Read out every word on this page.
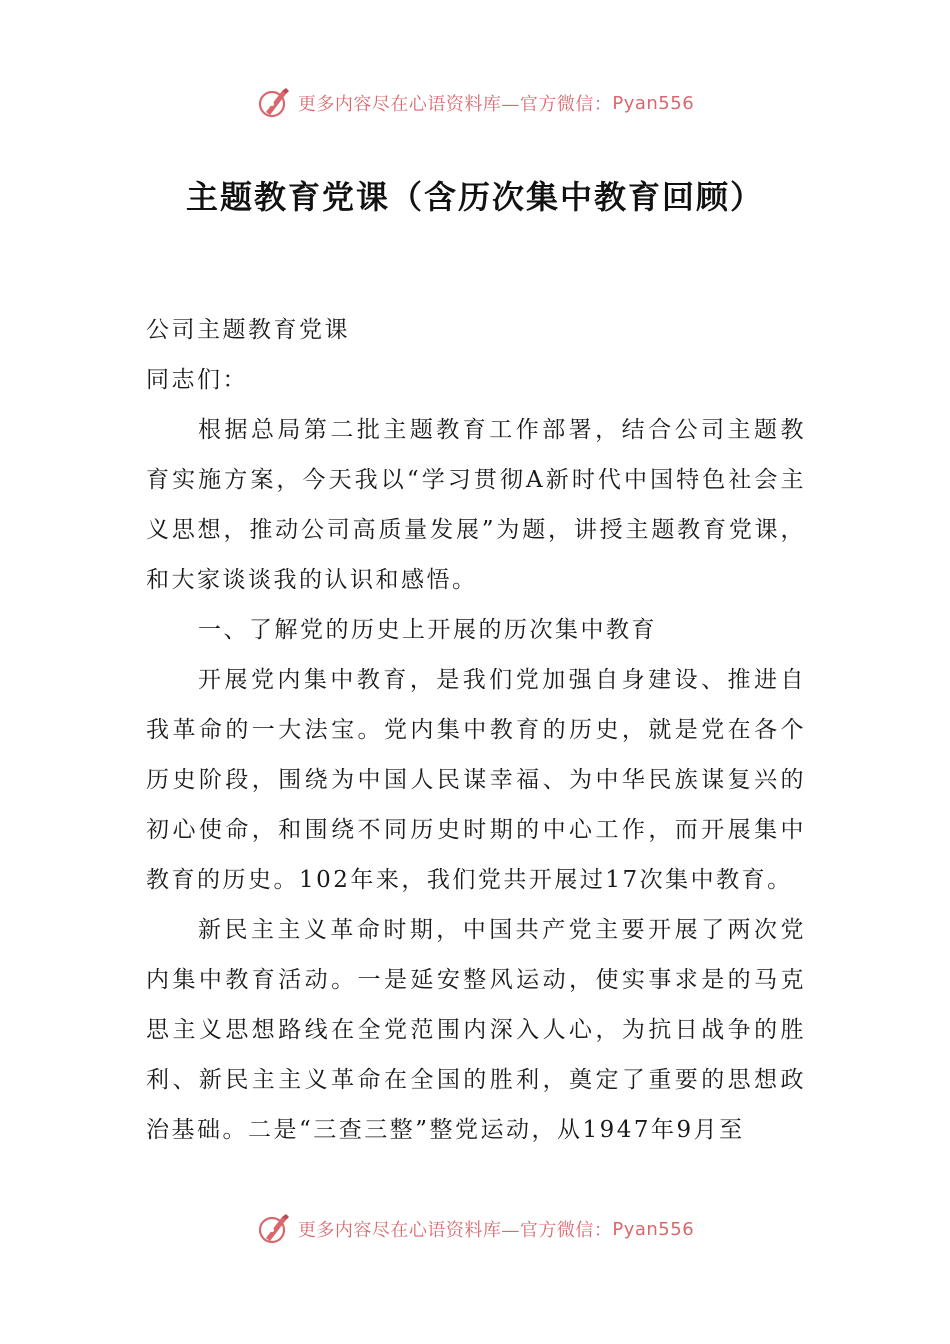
更多内容尽在心语资料库—官方微信： Pyan556
主题教育党课（含历次集中教育回顾）

公司主题教育党课

同志们：

根据总局第二批主题教育工作部署，结合公司主题教育实施方案，今天我以“学习贯彻A新时代中国特色社会主义思想，推动公司高质量发展”为题，讲授主题教育党课，和大家谈谈我的认识和感悟。

一、了解党的历史上开展的历次集中教育

开展党内集中教育，是我们党加强自身建设、推进自我革命的一大法宝。党内集中教育的历史，就是党在各个历史阶段，围绕为中国人民谋幸福、为中华民族谋复兴的初心使命，和围绕不同历史时期的中心工作，而开展集中教育的历史。102年来，我们党共开展过17次集中教育。

新民主主义革命时期，中国共产党主要开展了两次党内集中教育活动。一是延安整风运动，使实事求是的马克思主义思想路线在全党范围内深入人心，为抗日战争的胜利、新民主主义革命在全国的胜利，奠定了重要的思想政治基础。二是“三查三整”整党运动，从1947年9月至

更多内容尽在心语资料库—官方微信： Pyan556
